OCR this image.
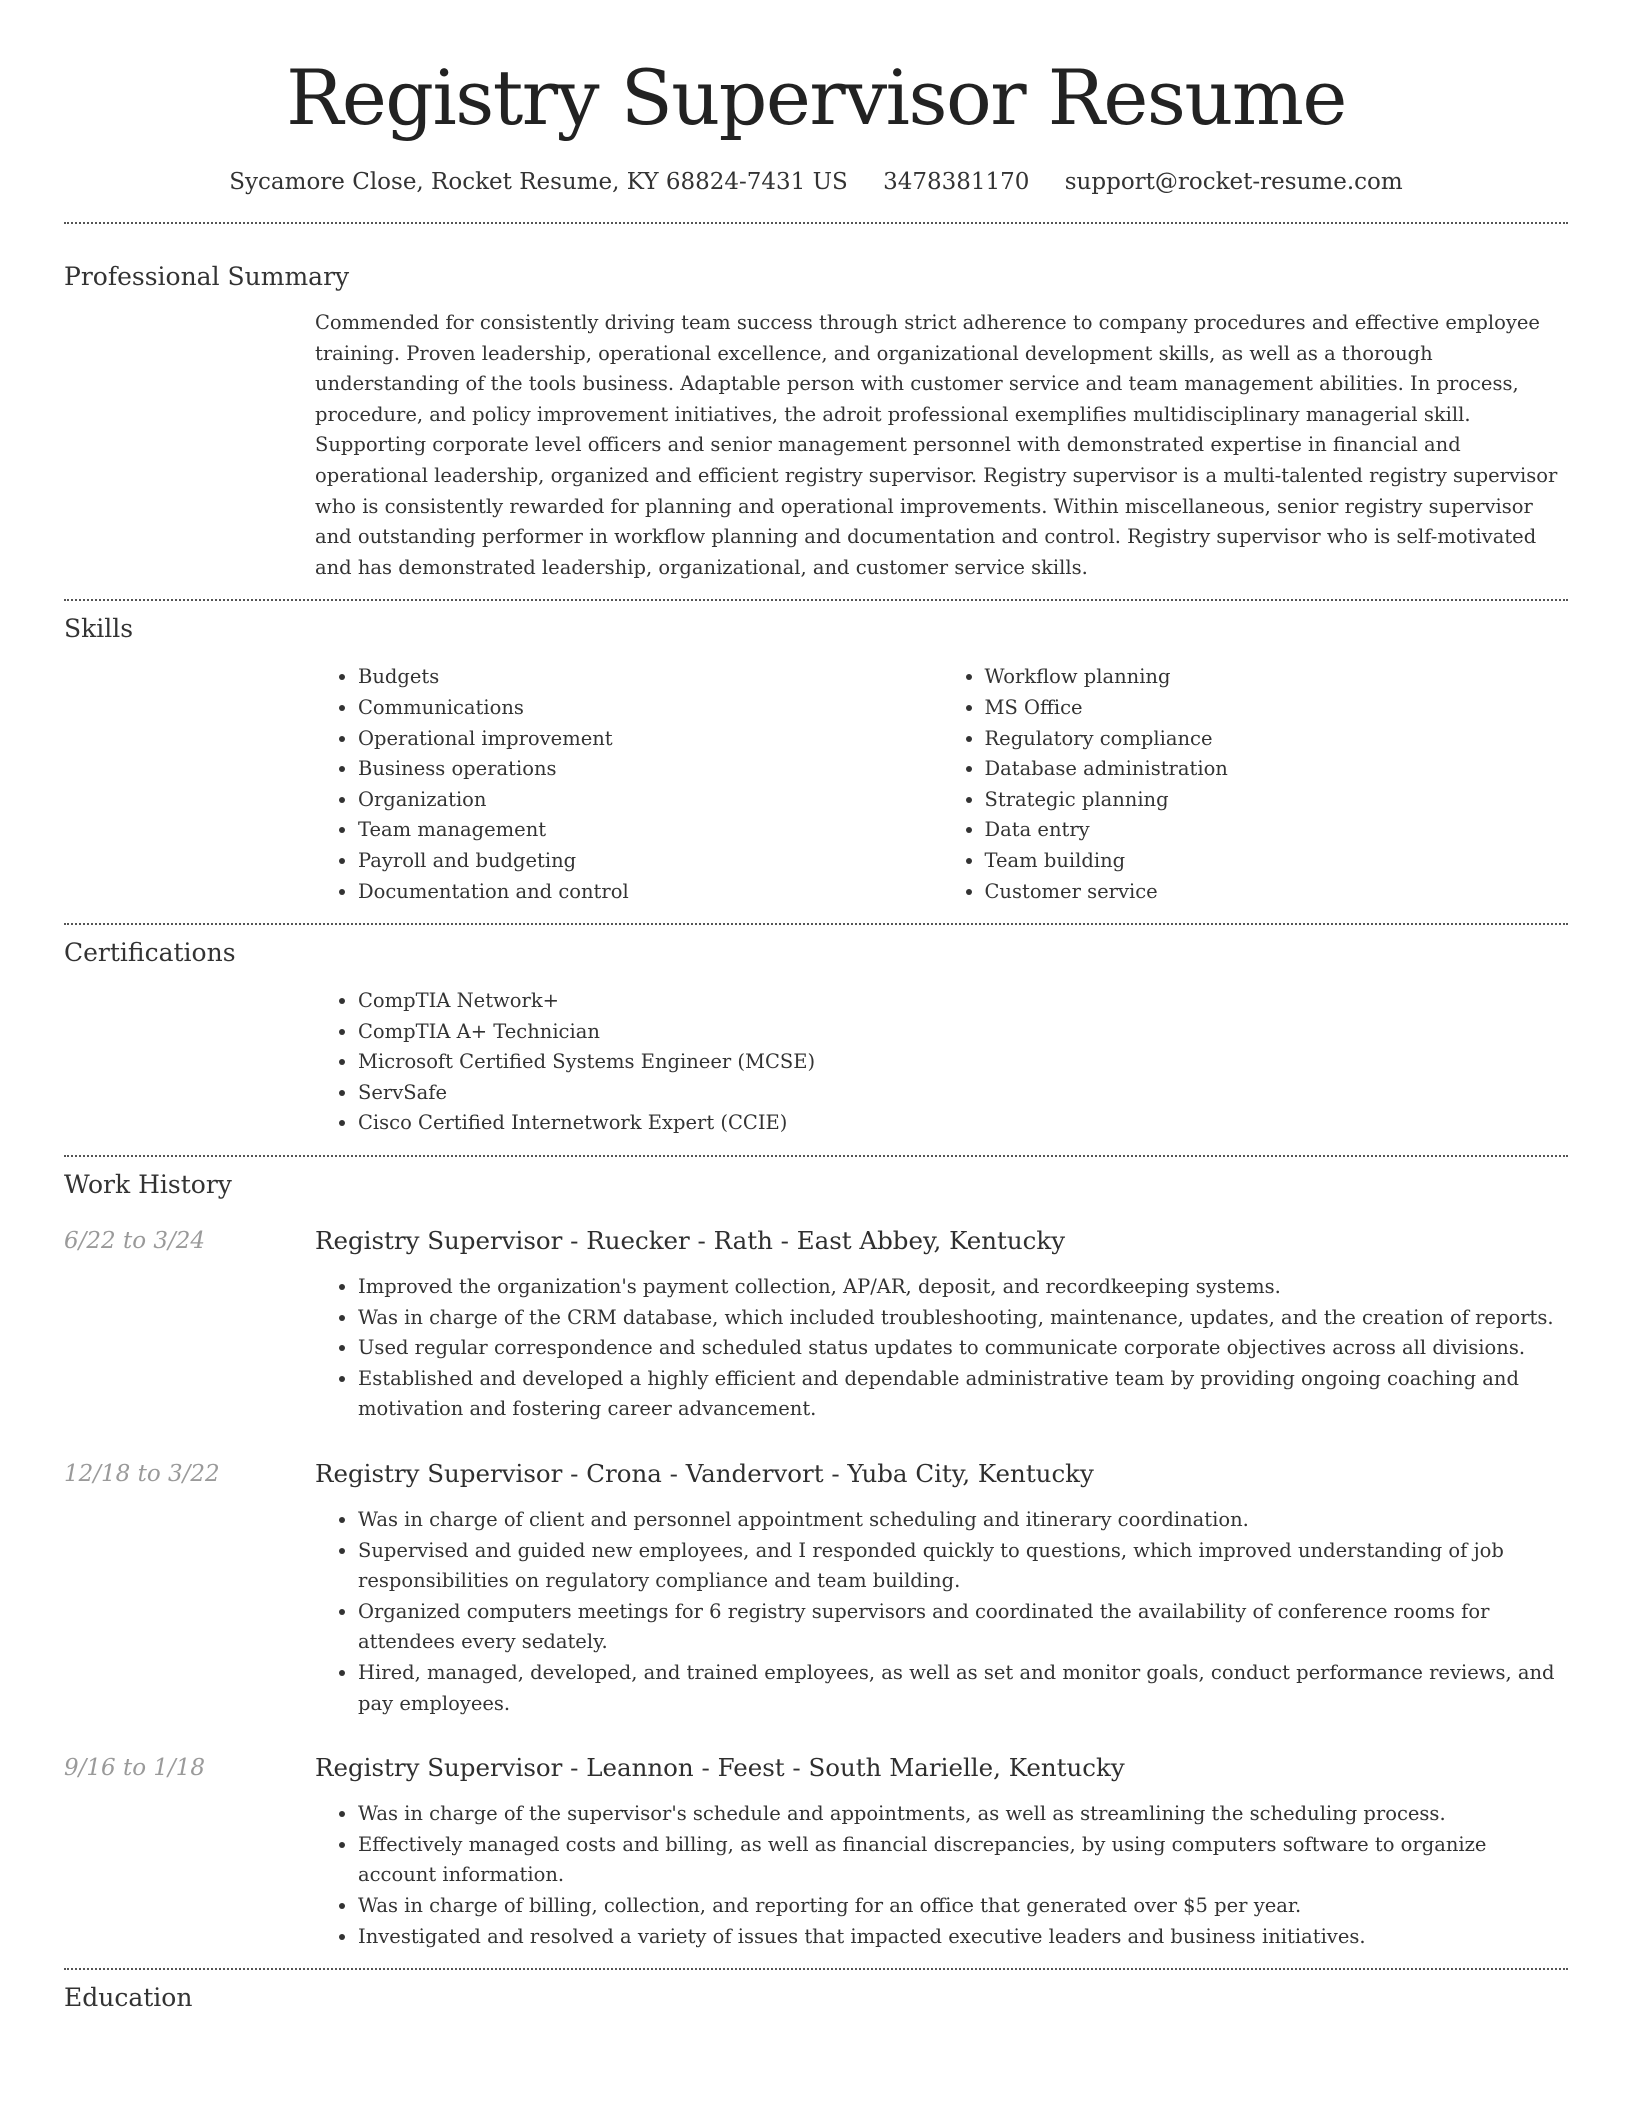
Registry Supervisor Resume
Sycamore Close, Rocket Resume, KY 68824-7431 US 3478381170 support@rocket-resume.com
Professional Summary
Commended for consistently driving team success through strict adherence to company procedures and effective employee training. Proven leadership, operational excellence, and organizational development skills, as well as a thorough understanding of the tools business. Adaptable person with customer service and team management abilities. In process, procedure, and policy improvement initiatives, the adroit professional exemplifies multidisciplinary managerial skill. Supporting corporate level officers and senior management personnel with demonstrated expertise in financial and operational leadership, organized and efficient registry supervisor. Registry supervisor is a multi-talented registry supervisor who is consistently rewarded for planning and operational improvements. Within miscellaneous, senior registry supervisor and outstanding performer in workflow planning and documentation and control. Registry supervisor who is self-motivated and has demonstrated leadership, organizational, and customer service skills.
Skills
• Budgets
• Communications
• Operational improvement
• Business operations
• Organization
• Team management
• Payroll and budgeting
• Documentation and control
• Workflow planning
• MS Office
• Regulatory compliance
• Database administration
• Strategic planning
• Data entry
• Team building
• Customer service
Certifications
• CompTIA Network+
• CompTIA A+ Technician
• Microsoft Certified Systems Engineer (MCSE)
• ServSafe
• Cisco Certified Internetwork Expert (CCIE)
Work History
6/22 to 3/24	Registry Supervisor - Ruecker - Rath - East Abbey, Kentucky
• Improved the organization's payment collection, AP/AR, deposit, and recordkeeping systems.
• Was in charge of the CRM database, which included troubleshooting, maintenance, updates, and the creation of reports.
• Used regular correspondence and scheduled status updates to communicate corporate objectives across all divisions.
• Established and developed a highly efficient and dependable administrative team by providing ongoing coaching and motivation and fostering career advancement.
12/18 to 3/22	Registry Supervisor - Crona - Vandervort - Yuba City, Kentucky
• Was in charge of client and personnel appointment scheduling and itinerary coordination.
• Supervised and guided new employees, and I responded quickly to questions, which improved understanding of job responsibilities on regulatory compliance and team building.
• Organized computers meetings for 6 registry supervisors and coordinated the availability of conference rooms for attendees every sedately.
• Hired, managed, developed, and trained employees, as well as set and monitor goals, conduct performance reviews, and pay employees.
9/16 to 1/18	Registry Supervisor - Leannon - Feest - South Marielle, Kentucky
• Was in charge of the supervisor's schedule and appointments, as well as streamlining the scheduling process.
• Effectively managed costs and billing, as well as financial discrepancies, by using computers software to organize account information.
• Was in charge of billing, collection, and reporting for an office that generated over $5 per year.
• Investigated and resolved a variety of issues that impacted executive leaders and business initiatives.
Education
